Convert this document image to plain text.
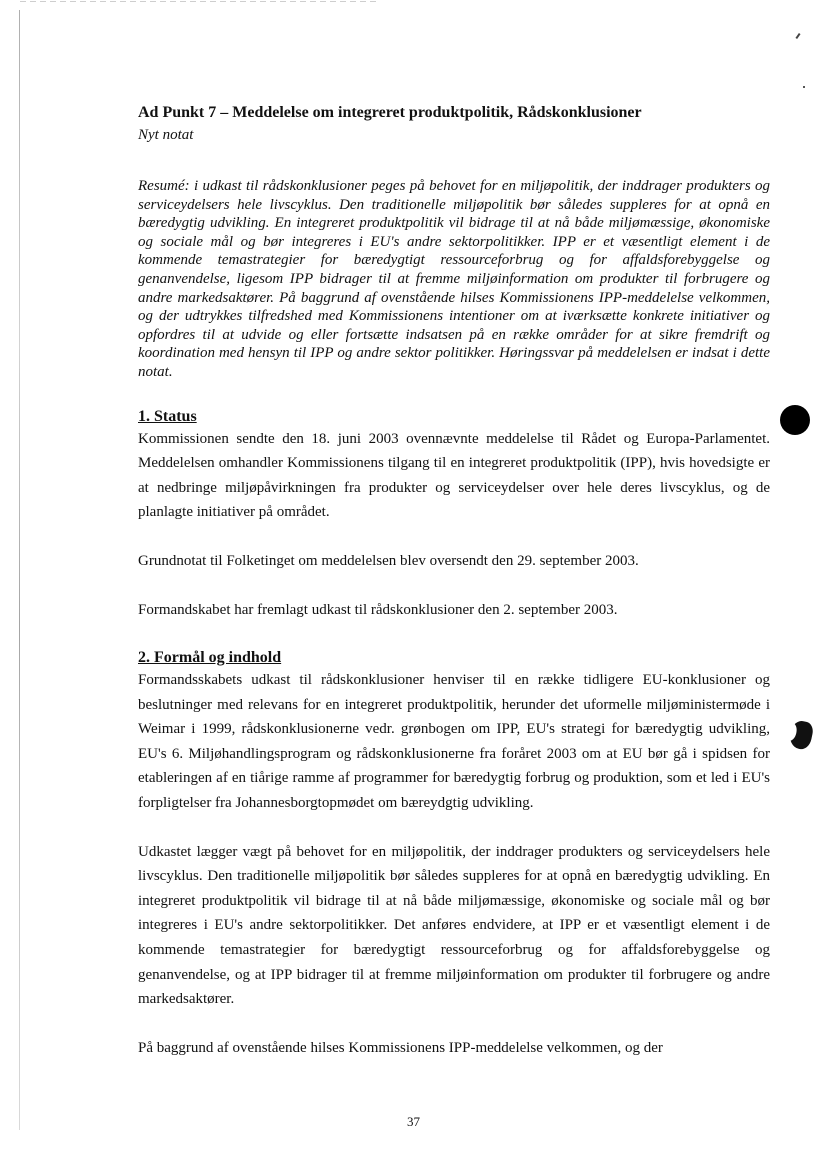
Ad Punkt 7 – Meddelelse om integreret produktpolitik, Rådskonklusioner

Nyt notat

Resumé: i udkast til rådskonklusioner peges på behovet for en miljøpolitik, der inddrager produkters og serviceydelsers hele livscyklus. Den traditionelle miljøpolitik bør således suppleres for at opnå en bæredygtig udvikling. En integreret produktpolitik vil bidrage til at nå både miljømæssige, økonomiske og sociale mål og bør integreres i EU's andre sektorpolitikker. IPP er et væsentligt element i de kommende temastrategier for bæredygtigt ressourceforbrug og for affaldsforebyggelse og genanvendelse, ligesom IPP bidrager til at fremme miljøinformation om produkter til forbrugere og andre markedsaktører. På baggrund af ovenstående hilses Kommissionens IPP-meddelelse velkommen, og der udtrykkes tilfredshed med Kommissionens intentioner om at iværksætte konkrete initiativer og opfordres til at udvide og eller fortsætte indsatsen på en række områder for at sikre fremdrift og koordination med hensyn til IPP og andre sektor politikker. Høringssvar på meddelelsen er indsat i dette notat.

1. Status

Kommissionen sendte den 18. juni 2003 ovennævnte meddelelse til Rådet og Europa-Parlamentet. Meddelelsen omhandler Kommissionens tilgang til en integreret produktpolitik (IPP), hvis hovedsigte er at nedbringe miljøpåvirkningen fra produkter og serviceydelser over hele deres livscyklus, og de planlagte initiativer på området.

Grundnotat til Folketinget om meddelelsen blev oversendt den 29. september 2003.

Formandskabet har fremlagt udkast til rådskonklusioner den 2. september 2003.

2. Formål og indhold

Formandsskabets udkast til rådskonklusioner henviser til en række tidligere EU-konklusioner og beslutninger med relevans for en integreret produktpolitik, herunder det uformelle miljøministermøde i Weimar i 1999, rådskonklusionerne vedr. grønbogen om IPP, EU's strategi for bæredygtig udvikling, EU's 6. Miljøhandlingsprogram og rådskonklusionerne fra foråret 2003 om at EU bør gå i spidsen for etableringen af en tiårige ramme af programmer for bæredygtig forbrug og produktion, som et led i EU's forpligtelser fra Johannesborgtopmødet om bæreydgtig udvikling.

Udkastet lægger vægt på behovet for en miljøpolitik, der inddrager produkters og serviceydelsers hele livscyklus. Den traditionelle miljøpolitik bør således suppleres for at opnå en bæredygtig udvikling. En integreret produktpolitik vil bidrage til at nå både miljømæssige, økonomiske og sociale mål og bør integreres i EU's andre sektorpolitikker. Det anføres endvidere, at IPP er et væsentligt element i de kommende temastrategier for bæredygtigt ressourceforbrug og for affaldsforebyggelse og genanvendelse, og at IPP bidrager til at fremme miljøinformation om produkter til forbrugere og andre markedsaktører.

På baggrund af ovenstående hilses Kommissionens IPP-meddelelse velkommen, og der

37
